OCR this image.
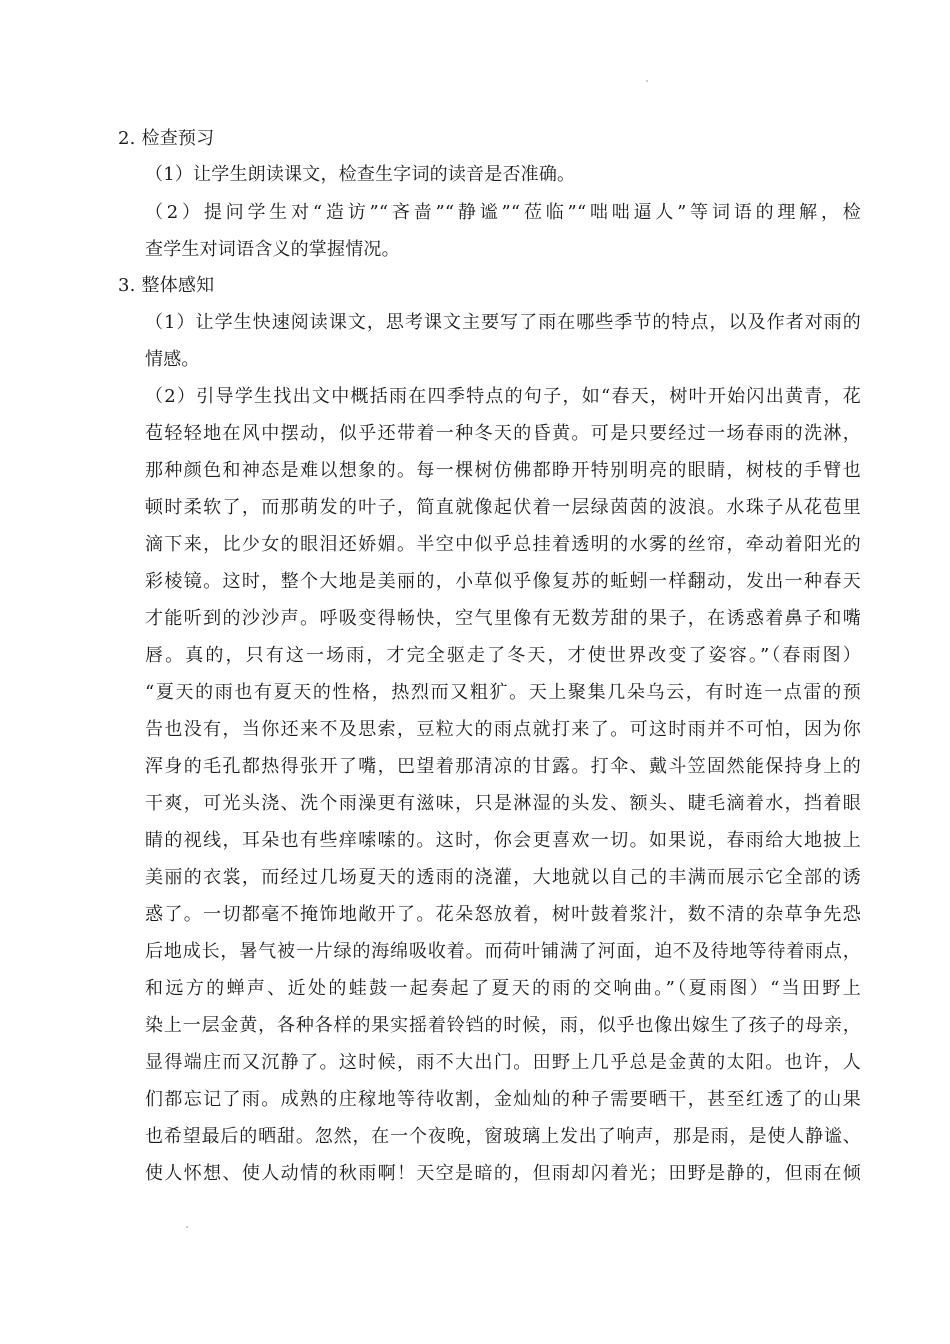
2. 检查预习
（1）让学生朗读课文，检查生字词的读音是否准确。
（2）提问学生对“造访”“吝啬”“静谧”“莅临”“咄咄逼人”等词语的理解，检
查学生对词语含义的掌握情况。
3. 整体感知
（1）让学生快速阅读课文，思考课文主要写了雨在哪些季节的特点，以及作者对雨的
情感。
（2）引导学生找出文中概括雨在四季特点的句子，如“春天，树叶开始闪出黄青，花
苞轻轻地在风中摆动，似乎还带着一种冬天的昏黄。可是只要经过一场春雨的洗淋，
那种颜色和神态是难以想象的。每一棵树仿佛都睁开特别明亮的眼睛，树枝的手臂也
顿时柔软了，而那萌发的叶子，简直就像起伏着一层绿茵茵的波浪。水珠子从花苞里
滴下来，比少女的眼泪还娇媚。半空中似乎总挂着透明的水雾的丝帘，牵动着阳光的
彩棱镜。这时，整个大地是美丽的，小草似乎像复苏的蚯蚓一样翻动，发出一种春天
才能听到的沙沙声。呼吸变得畅快，空气里像有无数芳甜的果子，在诱惑着鼻子和嘴
唇。真的，只有这一场雨，才完全驱走了冬天，才使世界改变了姿容。”（春雨图）
“夏天的雨也有夏天的性格，热烈而又粗犷。天上聚集几朵乌云，有时连一点雷的预
告也没有，当你还来不及思索，豆粒大的雨点就打来了。可这时雨并不可怕，因为你
浑身的毛孔都热得张开了嘴，巴望着那清凉的甘露。打伞、戴斗笠固然能保持身上的
干爽，可光头浇、洗个雨澡更有滋味，只是淋湿的头发、额头、睫毛滴着水，挡着眼
睛的视线，耳朵也有些痒嗦嗦的。这时，你会更喜欢一切。如果说，春雨给大地披上
美丽的衣裳，而经过几场夏天的透雨的浇灌，大地就以自己的丰满而展示它全部的诱
惑了。一切都毫不掩饰地敞开了。花朵怒放着，树叶鼓着浆汁，数不清的杂草争先恐
后地成长，暑气被一片绿的海绵吸收着。而荷叶铺满了河面，迫不及待地等待着雨点，
和远方的蝉声、近处的蛙鼓一起奏起了夏天的雨的交响曲。”（夏雨图）“当田野上
染上一层金黄，各种各样的果实摇着铃铛的时候，雨，似乎也像出嫁生了孩子的母亲，
显得端庄而又沉静了。这时候，雨不大出门。田野上几乎总是金黄的太阳。也许，人
们都忘记了雨。成熟的庄稼地等待收割，金灿灿的种子需要晒干，甚至红透了的山果
也希望最后的晒甜。忽然，在一个夜晚，窗玻璃上发出了响声，那是雨，是使人静谧、
使人怀想、使人动情的秋雨啊！天空是暗的，但雨却闪着光；田野是静的，但雨在倾
